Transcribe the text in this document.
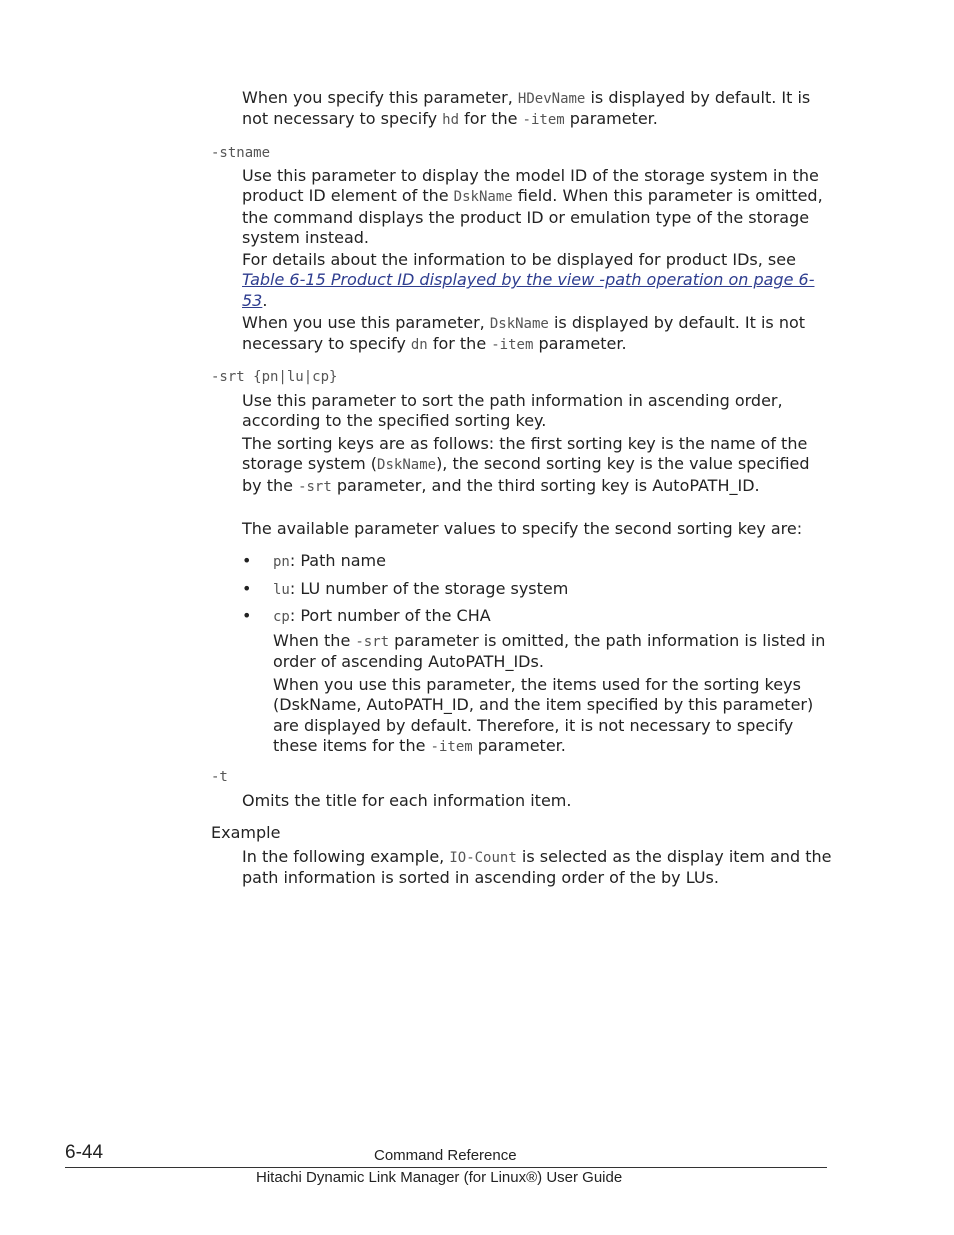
When you specify this parameter, HDevName is displayed by default. It is not necessary to specify hd for the -item parameter.

-stname

Use this parameter to display the model ID of the storage system in the product ID element of the DskName field. When this parameter is omitted, the command displays the product ID or emulation type of the storage system instead.

For details about the information to be displayed for product IDs, see Table 6-15 Product ID displayed by the view -path operation on page 6-53.

When you use this parameter, DskName is displayed by default. It is not necessary to specify dn for the -item parameter.

-srt {pn|lu|cp}

Use this parameter to sort the path information in ascending order, according to the specified sorting key.

The sorting keys are as follows: the first sorting key is the name of the storage system (DskName), the second sorting key is the value specified by the -srt parameter, and the third sorting key is AutoPATH_ID.

The available parameter values to specify the second sorting key are:

• pn: Path name
• lu: LU number of the storage system
• cp: Port number of the CHA

When the -srt parameter is omitted, the path information is listed in order of ascending AutoPATH_IDs.

When you use this parameter, the items used for the sorting keys (DskName, AutoPATH_ID, and the item specified by this parameter) are displayed by default. Therefore, it is not necessary to specify these items for the -item parameter.

-t

Omits the title for each information item.

Example

In the following example, IO-Count is selected as the display item and the path information is sorted in ascending order of the by LUs.

6-44	Command Reference
Hitachi Dynamic Link Manager (for Linux®) User Guide
